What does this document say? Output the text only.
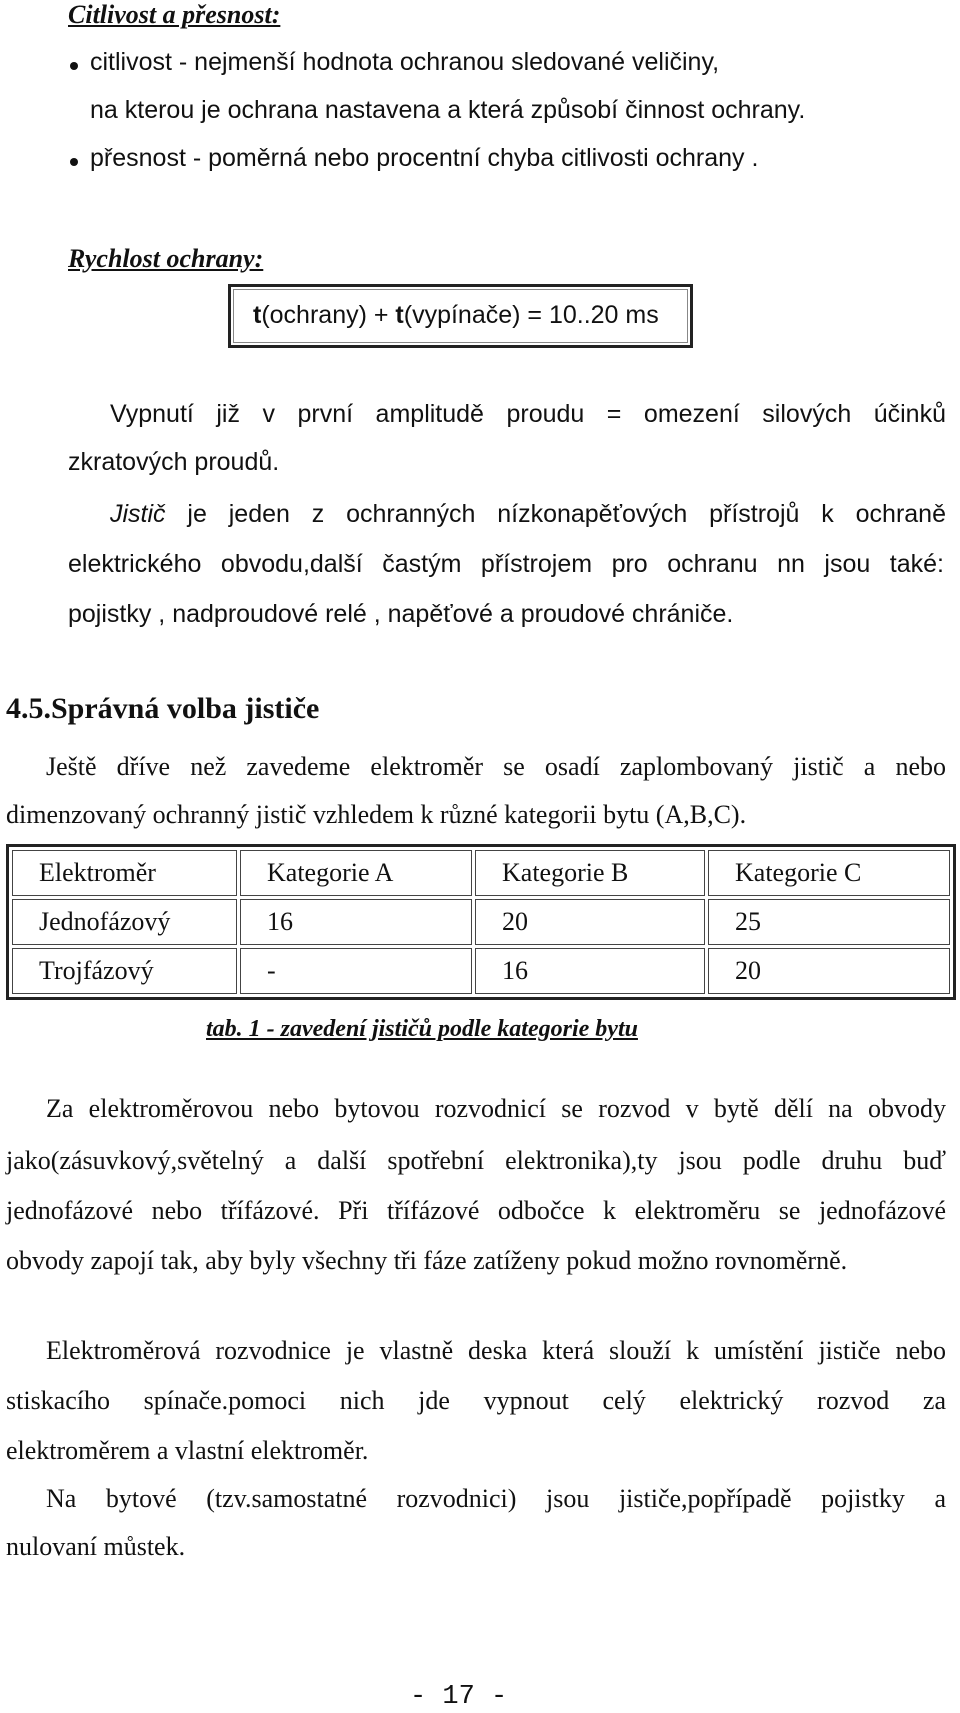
Citlivost a přesnost:
citlivost - nejmenší hodnota ochranou sledované veličiny,
na kterou je ochrana nastavena a která způsobí činnost ochrany.
přesnost - poměrná nebo procentní chyba citlivosti ochrany .
Rychlost ochrany:
t(ochrany) + t(vypínače) = 10..20 ms
Vypnutí již v první amplitudě proudu = omezení silových účinků
zkratových proudů.
Jistič je jeden z ochranných nízkonapěťových přístrojů k ochraně
elektrického obvodu,další častým přístrojem pro ochranu nn jsou také:
pojistky , nadproudové relé , napěťové a proudové chrániče.
4.5.Správná volba jističe
Ještě dříve než zavedeme elektroměr se osadí zaplombovaný jistič a nebo
dimenzovaný ochranný jistič vzhledem k různé kategorii bytu (A,B,C).
Elektroměr	Kategorie A	Kategorie B	Kategorie C
Jednofázový	16	20	25
Trojfázový	-	16	20
tab. 1 - zavedení jističů podle kategorie bytu
Za elektroměrovou nebo bytovou rozvodnicí se rozvod v bytě dělí na obvody
jako(zásuvkový,světelný a další spotřební elektronika),ty jsou podle druhu buď
jednofázové nebo třífázové. Při třífázové odbočce k elektroměru se jednofázové
obvody zapojí tak, aby byly všechny tři fáze zatíženy pokud možno rovnoměrně.
Elektroměrová rozvodnice je vlastně deska která slouží k umístění jističe nebo
stiskacího spínače.pomoci nich jde vypnout celý elektrický rozvod za
elektroměrem a vlastní elektroměr.
Na bytové (tzv.samostatné rozvodnici) jsou jističe,popřípadě pojistky a
nulovaní můstek.
- 17 -
